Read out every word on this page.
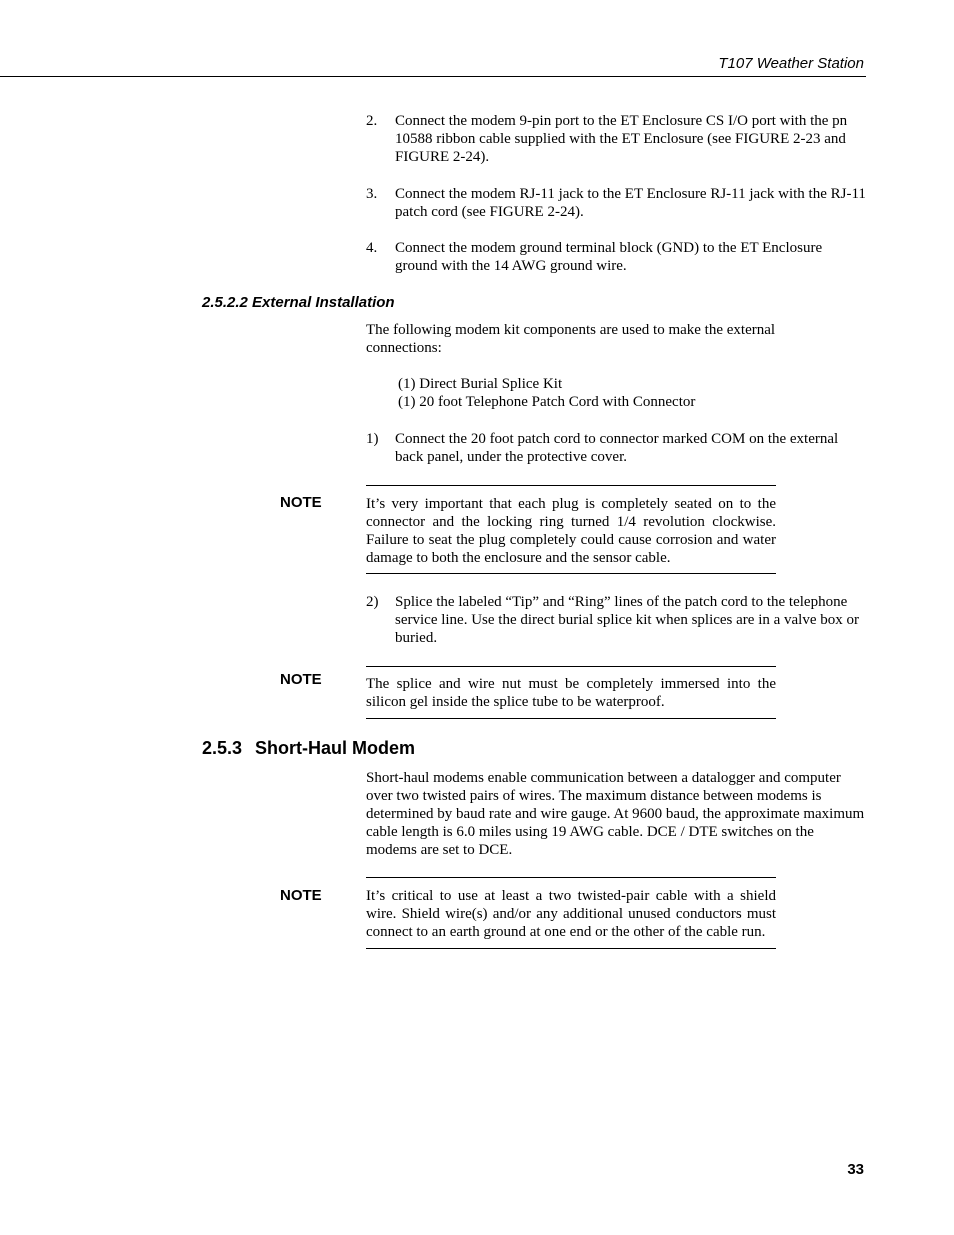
T107 Weather Station
2. Connect the modem 9-pin port to the ET Enclosure CS I/O port with the pn 10588 ribbon cable supplied with the ET Enclosure (see FIGURE 2-23 and FIGURE 2-24).
3. Connect the modem RJ-11 jack to the ET Enclosure RJ-11 jack with the RJ-11 patch cord (see FIGURE 2-24).
4. Connect the modem ground terminal block (GND) to the ET Enclosure ground with the 14 AWG ground wire.
2.5.2.2 External Installation
The following modem kit components are used to make the external connections:
(1) Direct Burial Splice Kit
(1) 20 foot Telephone Patch Cord with Connector
1) Connect the 20 foot patch cord to connector marked COM on the external back panel, under the protective cover.
NOTE	It’s very important that each plug is completely seated on to the connector and the locking ring turned 1/4 revolution clockwise. Failure to seat the plug completely could cause corrosion and water damage to both the enclosure and the sensor cable.

2) Splice the labeled “Tip” and “Ring” lines of the patch cord to the telephone service line. Use the direct burial splice kit when splices are in a valve box or buried.
NOTE	The splice and wire nut must be completely immersed into the silicon gel inside the splice tube to be waterproof.

2.5.3 Short-Haul Modem
Short-haul modems enable communication between a datalogger and computer over two twisted pairs of wires. The maximum distance between modems is determined by baud rate and wire gauge. At 9600 baud, the approximate maximum cable length is 6.0 miles using 19 AWG cable. DCE / DTE switches on the modems are set to DCE.
NOTE	It’s critical to use at least a two twisted-pair cable with a shield wire. Shield wire(s) and/or any additional unused conductors must connect to an earth ground at one end or the other of the cable run.

33
